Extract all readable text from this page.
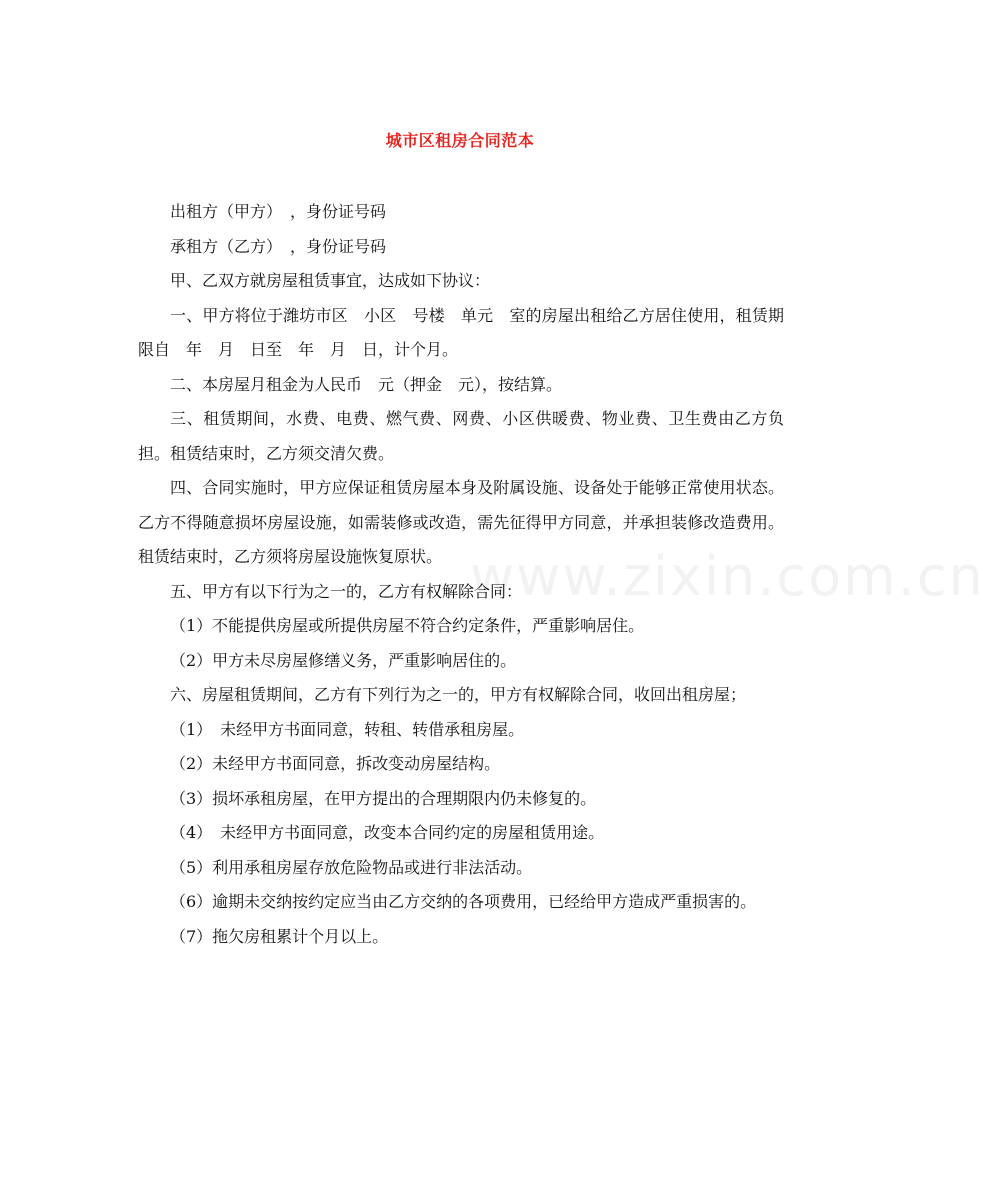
www.zixin.com.cn
城市区租房合同范本

出租方（甲方）　，身份证号码

承租方（乙方）　，身份证号码

甲、乙双方就房屋租赁事宜，达成如下协议：

一、甲方将位于潍坊市区　小区　号楼　单元　室的房屋出租给乙方居住使用，租赁期限自　年　月　日至　年　月　日，计个月。

二、本房屋月租金为人民币　元（押金　元），按结算。

三、租赁期间，水费、电费、燃气费、网费、小区供暖费、物业费、卫生费由乙方负担。租赁结束时，乙方须交清欠费。

四、合同实施时，甲方应保证租赁房屋本身及附属设施、设备处于能够正常使用状态。乙方不得随意损坏房屋设施，如需装修或改造，需先征得甲方同意，并承担装修改造费用。租赁结束时，乙方须将房屋设施恢复原状。

五、甲方有以下行为之一的，乙方有权解除合同：

（1）不能提供房屋或所提供房屋不符合约定条件，严重影响居住。

（2）甲方未尽房屋修缮义务，严重影响居住的。

六、房屋租赁期间，乙方有下列行为之一的，甲方有权解除合同，收回出租房屋；

（1）　未经甲方书面同意，转租、转借承租房屋。

（2）未经甲方书面同意，拆改变动房屋结构。

（3）损坏承租房屋，在甲方提出的合理期限内仍未修复的。

（4）　未经甲方书面同意，改变本合同约定的房屋租赁用途。

（5）利用承租房屋存放危险物品或进行非法活动。

（6）逾期未交纳按约定应当由乙方交纳的各项费用，已经给甲方造成严重损害的。

（7）拖欠房租累计个月以上。
